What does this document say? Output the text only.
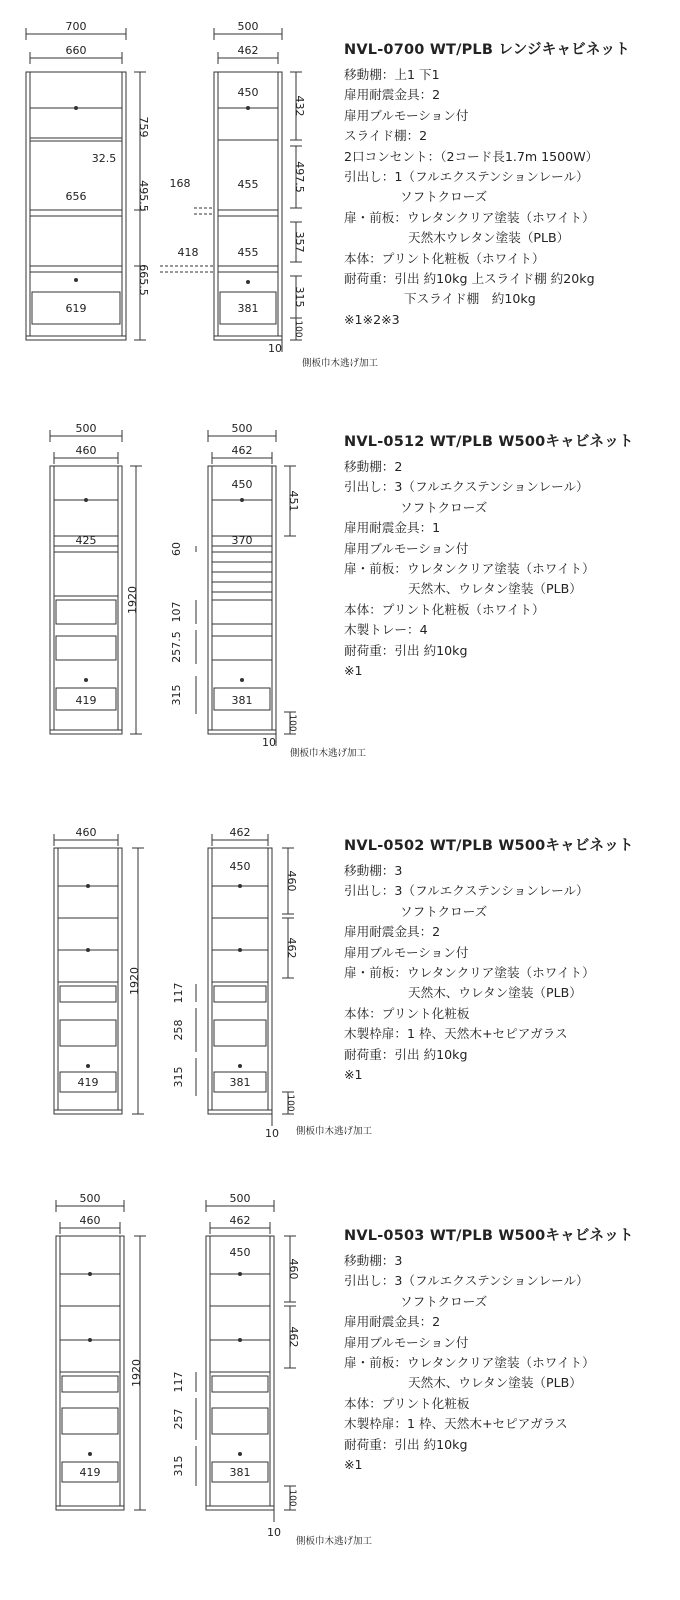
700
660
32.5
656
619
500
462
450
455
455
381
168
418
759
495.5
665.5
432
497.5
357
315
100
10
側板巾木逃げ加工
NVL-0700 WT/PLB レンジキャビネット

移動棚：上1 下1

扉用耐震金具：2

扉用ブルモーション付

スライド棚：2

2口コンセント：（2コード長1.7m 1500W）

引出し：1（フルエクステンションレール）

ソフトクローズ

扉・前板：ウレタンクリア塗装（ホワイト）

天然木ウレタン塗装（PLB）

本体：プリント化粧板（ホワイト）

耐荷重：引出 約10kg 上スライド棚 約20kg

下スライド棚　約10kg

※1※2※3

500
460
425
419
500
462
450
370
381
1920
451
60
107
257.5
315
100
10
側板巾木逃げ加工
NVL-0512 WT/PLB W500キャビネット

移動棚：2

引出し：3（フルエクステンションレール）

ソフトクローズ

扉用耐震金具：1

扉用ブルモーション付

扉・前板：ウレタンクリア塗装（ホワイト）

天然木、ウレタン塗装（PLB）

本体：プリント化粧板（ホワイト）

木製トレー：4

耐荷重：引出 約10kg

※1

460
419
462
450
381
1920
460
462
117
258
315
100
10 側板巾木逃げ加工
NVL-0502 WT/PLB W500キャビネット

移動棚：3

引出し：3（フルエクステンションレール）

ソフトクローズ

扉用耐震金具：2

扉用ブルモーション付

扉・前板：ウレタンクリア塗装（ホワイト）

天然木、ウレタン塗装（PLB）

本体：プリント化粧板

木製枠扉：1 枠、天然木+セピアガラス

耐荷重：引出 約10kg

※1

500
460
419
500
462
450
381
1920
460
462
117
257
315
100
10
側板巾木逃げ加工
NVL-0503 WT/PLB W500キャビネット

移動棚：3

引出し：3（フルエクステンションレール）

ソフトクローズ

扉用耐震金具：2

扉用ブルモーション付

扉・前板：ウレタンクリア塗装（ホワイト）

天然木、ウレタン塗装（PLB）

本体：プリント化粧板

木製枠扉：1 枠、天然木+セピアガラス

耐荷重：引出 約10kg

※1
